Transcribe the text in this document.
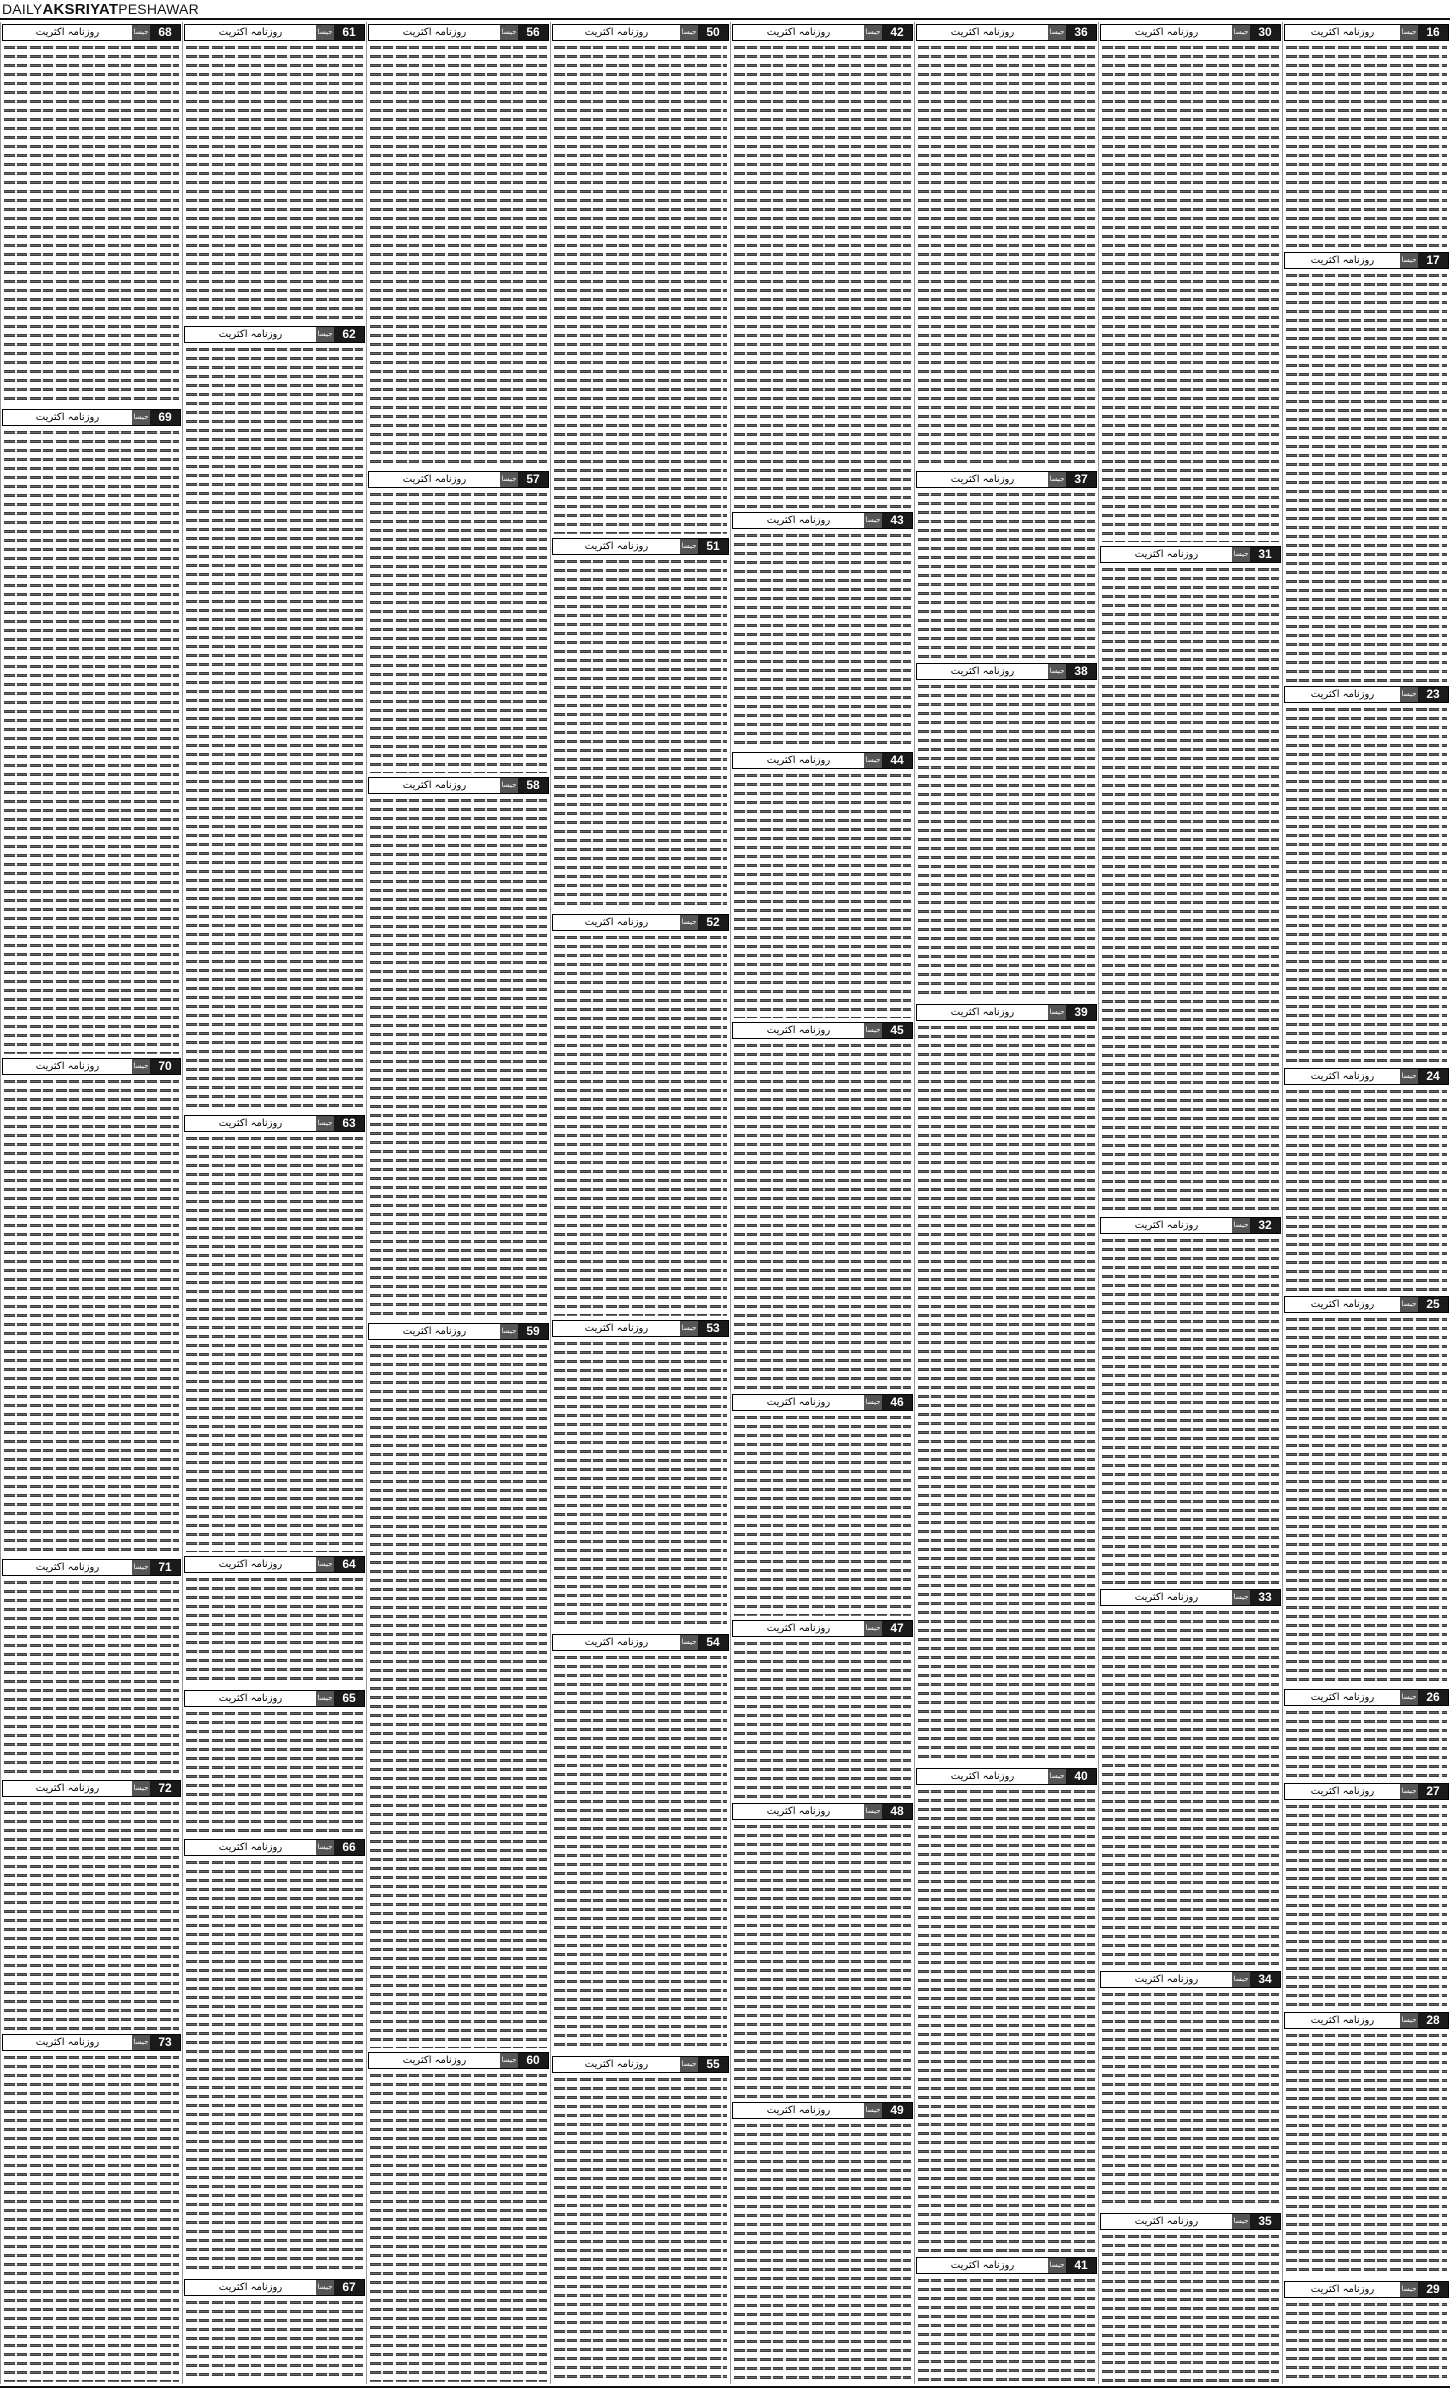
DAILYAKSRIYATPESHAWAR
روزنامہ اکثریت	جیسا 16
روزنامہ اکثریت	جیسا 17
روزنامہ اکثریت	جیسا 23
روزنامہ اکثریت	جیسا 24
روزنامہ اکثریت	جیسا 25
روزنامہ اکثریت	جیسا 26
روزنامہ اکثریت	جیسا 27
روزنامہ اکثریت	جیسا 28
روزنامہ اکثریت	جیسا 29
روزنامہ اکثریت	جیسا 30
روزنامہ اکثریت	جیسا 31
روزنامہ اکثریت	جیسا 32
روزنامہ اکثریت	جیسا 33
روزنامہ اکثریت	جیسا 34
روزنامہ اکثریت	جیسا 35
روزنامہ اکثریت	جیسا 36
روزنامہ اکثریت	جیسا 37
روزنامہ اکثریت	جیسا 38
روزنامہ اکثریت	جیسا 39
روزنامہ اکثریت	جیسا 40
روزنامہ اکثریت	جیسا 41
روزنامہ اکثریت	جیسا 42
روزنامہ اکثریت	جیسا 43
روزنامہ اکثریت	جیسا 44
روزنامہ اکثریت	جیسا 45
روزنامہ اکثریت	جیسا 46
روزنامہ اکثریت	جیسا 47
روزنامہ اکثریت	جیسا 48
روزنامہ اکثریت	جیسا 49
روزنامہ اکثریت	جیسا 50
روزنامہ اکثریت	جیسا 51
روزنامہ اکثریت	جیسا 52
روزنامہ اکثریت	جیسا 53
روزنامہ اکثریت	جیسا 54
روزنامہ اکثریت	جیسا 55
روزنامہ اکثریت	جیسا 56
روزنامہ اکثریت	جیسا 57
روزنامہ اکثریت	جیسا 58
روزنامہ اکثریت	جیسا 59
روزنامہ اکثریت	جیسا 60
روزنامہ اکثریت	جیسا 61
روزنامہ اکثریت	جیسا 62
روزنامہ اکثریت	جیسا 63
روزنامہ اکثریت	جیسا 64
روزنامہ اکثریت	جیسا 65
روزنامہ اکثریت	جیسا 66
روزنامہ اکثریت	جیسا 67
روزنامہ اکثریت	جیسا 68
روزنامہ اکثریت	جیسا 69
روزنامہ اکثریت	جیسا 70
روزنامہ اکثریت	جیسا 71
روزنامہ اکثریت	جیسا 72
روزنامہ اکثریت	جیسا 73
